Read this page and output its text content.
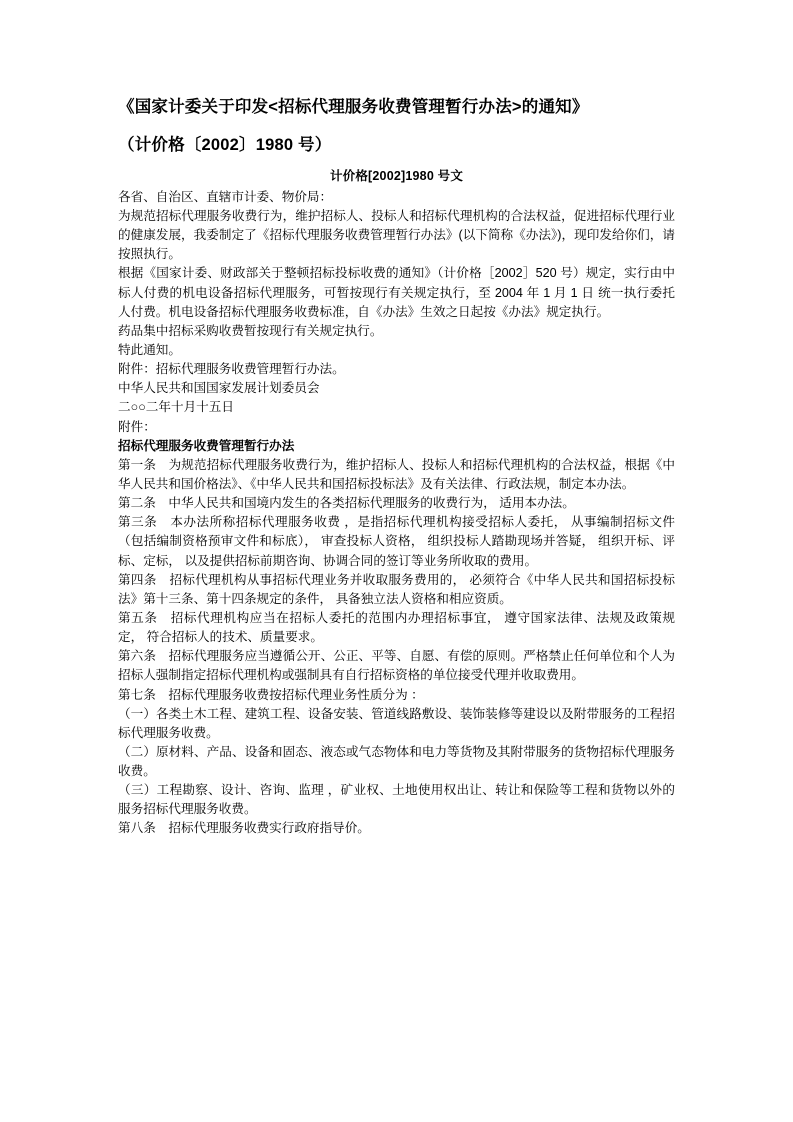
《国家计委关于印发<招标代理服务收费管理暂行办法>的通知》
（计价格〔2002〕1980 号）
计价格[2002]1980 号文

各省、自治区、直辖市计委、物价局：

为规范招标代理服务收费行为，维护招标人、投标人和招标代理机构的合法权益，促进招标代理行业的健康发展，我委制定了《招标代理服务收费管理暂行办法》(以下简称《办法》)，现印发给你们，请按照执行。

根据《国家计委、财政部关于整顿招标投标收费的通知》（计价格［2002］520 号）规定，实行由中标人付费的机电设备招标代理服务，可暂按现行有关规定执行，至 2004 年 1 月 1 日 统一执行委托人付费。机电设备招标代理服务收费标准，自《办法》生效之日起按《办法》规定执行。

药品集中招标采购收费暂按现行有关规定执行。

特此通知。

附件：招标代理服务收费管理暂行办法。

中华人民共和国国家发展计划委员会

二○○二年十月十五日

附件：

招标代理服务收费管理暂行办法

第一条　为规范招标代理服务收费行为，维护招标人、投标人和招标代理机构的合法权益，根据《中华人民共和国价格法》、《中华人民共和国招标投标法》及有关法律、行政法规，制定本办法。

第二条　中华人民共和国境内发生的各类招标代理服务的收费行为， 适用本办法。

第三条　本办法所称招标代理服务收费 ，是指招标代理机构接受招标人委托， 从事编制招标文件（包括编制资格预审文件和标底）， 审查投标人资格， 组织投标人踏勘现场并答疑， 组织开标、评标、定标， 以及提供招标前期咨询、协调合同的签订等业务所收取的费用。

第四条　招标代理机构从事招标代理业务并收取服务费用的， 必须符合《中华人民共和国招标投标法》第十三条、第十四条规定的条件， 具备独立法人资格和相应资质。

第五条　招标代理机构应当在招标人委托的范围内办理招标事宜， 遵守国家法律、法规及政策规定， 符合招标人的技术、质量要求。

第六条　招标代理服务应当遵循公开、公正、平等、自愿、有偿的原则。严格禁止任何单位和个人为招标人强制指定招标代理机构或强制具有自行招标资格的单位接受代理并收取费用。

第七条　招标代理服务收费按招标代理业务性质分为 ：

（一）各类土木工程、建筑工程、设备安装、管道线路敷设、装饰装修等建设以及附带服务的工程招标代理服务收费。

（二）原材料、产品、设备和固态、液态或气态物体和电力等货物及其附带服务的货物招标代理服务收费。

（三）工程勘察、设计、咨询、监理 ，矿业权、土地使用权出让、转让和保险等工程和货物以外的服务招标代理服务收费。

第八条　招标代理服务收费实行政府指导价。
